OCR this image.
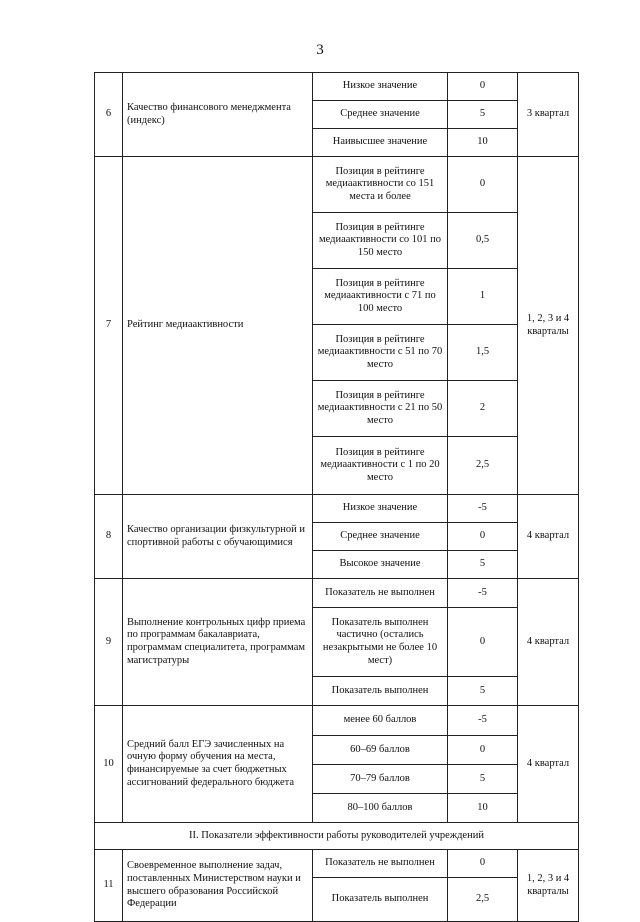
3
6	Качество финансового менеджмента (индекс)	Низкое значение	0	3 квартал
		Среднее значение	5	
		Наивысшее значение	10	
7	Рейтинг медиаактивности	Позиция в рейтинге медиаактивности со 151 места и более	0	1, 2, 3 и 4 кварталы
		Позиция в рейтинге медиаактивности со 101 по 150 место	0,5	
		Позиция в рейтинге медиаактивности с 71 по 100 место	1	
		Позиция в рейтинге медиаактивности с 51 по 70 место	1,5	
		Позиция в рейтинге медиаактивности с 21 по 50 место	2	
		Позиция в рейтинге медиаактивности с 1 по 20 место	2,5	
8	Качество организации физкультурной и спортивной работы с обучающимися	Низкое значение	-5	4 квартал
		Среднее значение	0	
		Высокое значение	5	
9	Выполнение контрольных цифр приема по программам бакалавриата, программам специалитета, программам магистратуры	Показатель не выполнен	-5	4 квартал
		Показатель выполнен частично (остались незакрытыми не более 10 мест)	0	
		Показатель выполнен	5	
10	Средний балл ЕГЭ зачисленных на очную форму обучения на места, финансируемые за счет бюджетных ассигнований федерального бюджета	менее 60 баллов	-5	4 квартал
		60–69 баллов	0	
		70–79 баллов	5	
		80–100 баллов	10	
II. Показатели эффективности работы руководителей учреждений				
11	Своевременное выполнение задач, поставленных Министерством науки и высшего образования Российской Федерации	Показатель не выполнен	0	1, 2, 3 и 4 кварталы
		Показатель выполнен	2,5	
